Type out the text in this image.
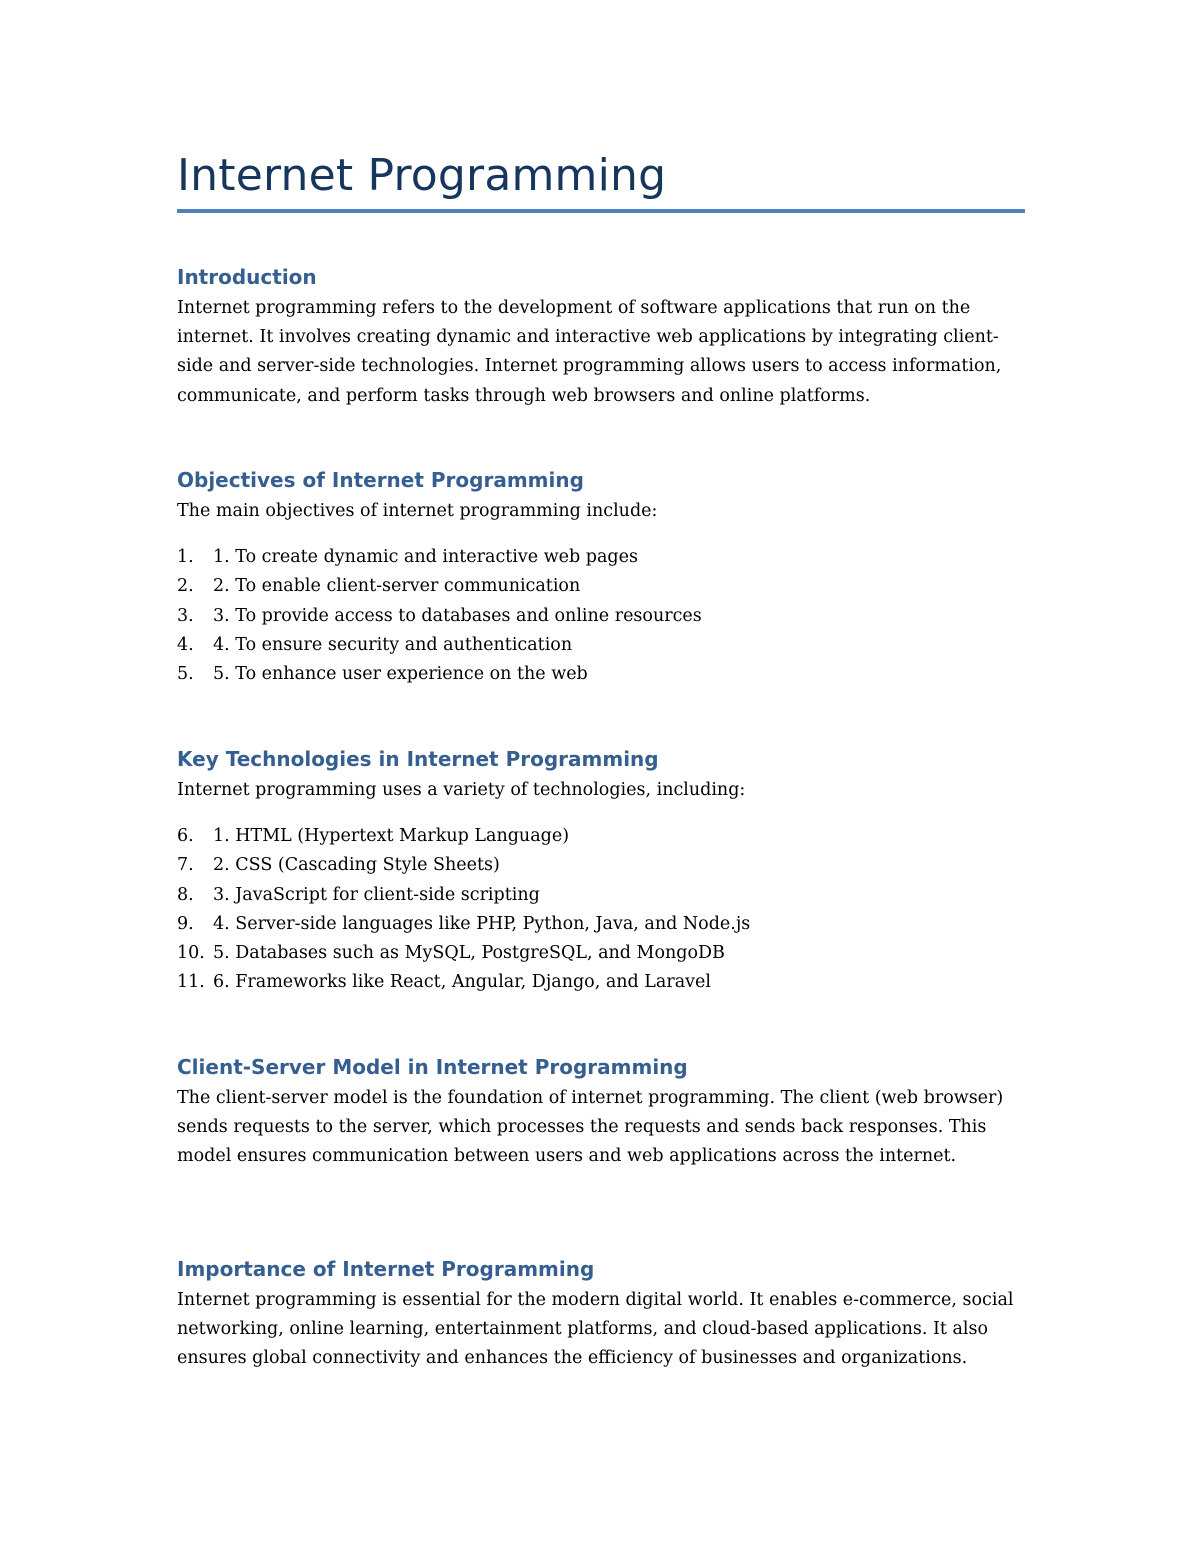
Internet Programming
Introduction

Internet programming refers to the development of software applications that run on the internet. It involves creating dynamic and interactive web applications by integrating client-side and server-side technologies. Internet programming allows users to access information, communicate, and perform tasks through web browsers and online platforms.

Objectives of Internet Programming

The main objectives of internet programming include:

1.	1. To create dynamic and interactive web pages
2.	2. To enable client-server communication
3.	3. To provide access to databases and online resources
4.	4. To ensure security and authentication
5.	5. To enhance user experience on the web
Key Technologies in Internet Programming

Internet programming uses a variety of technologies, including:

6.	1. HTML (Hypertext Markup Language)
7.	2. CSS (Cascading Style Sheets)
8.	3. JavaScript for client-side scripting
9.	4. Server-side languages like PHP, Python, Java, and Node.js
10. 5. Databases such as MySQL, PostgreSQL, and MongoDB
11. 6. Frameworks like React, Angular, Django, and Laravel
Client-Server Model in Internet Programming

The client-server model is the foundation of internet programming. The client (web browser) sends requests to the server, which processes the requests and sends back responses. This model ensures communication between users and web applications across the internet.

Importance of Internet Programming

Internet programming is essential for the modern digital world. It enables e-commerce, social networking, online learning, entertainment platforms, and cloud-based applications. It also ensures global connectivity and enhances the efficiency of businesses and organizations.
